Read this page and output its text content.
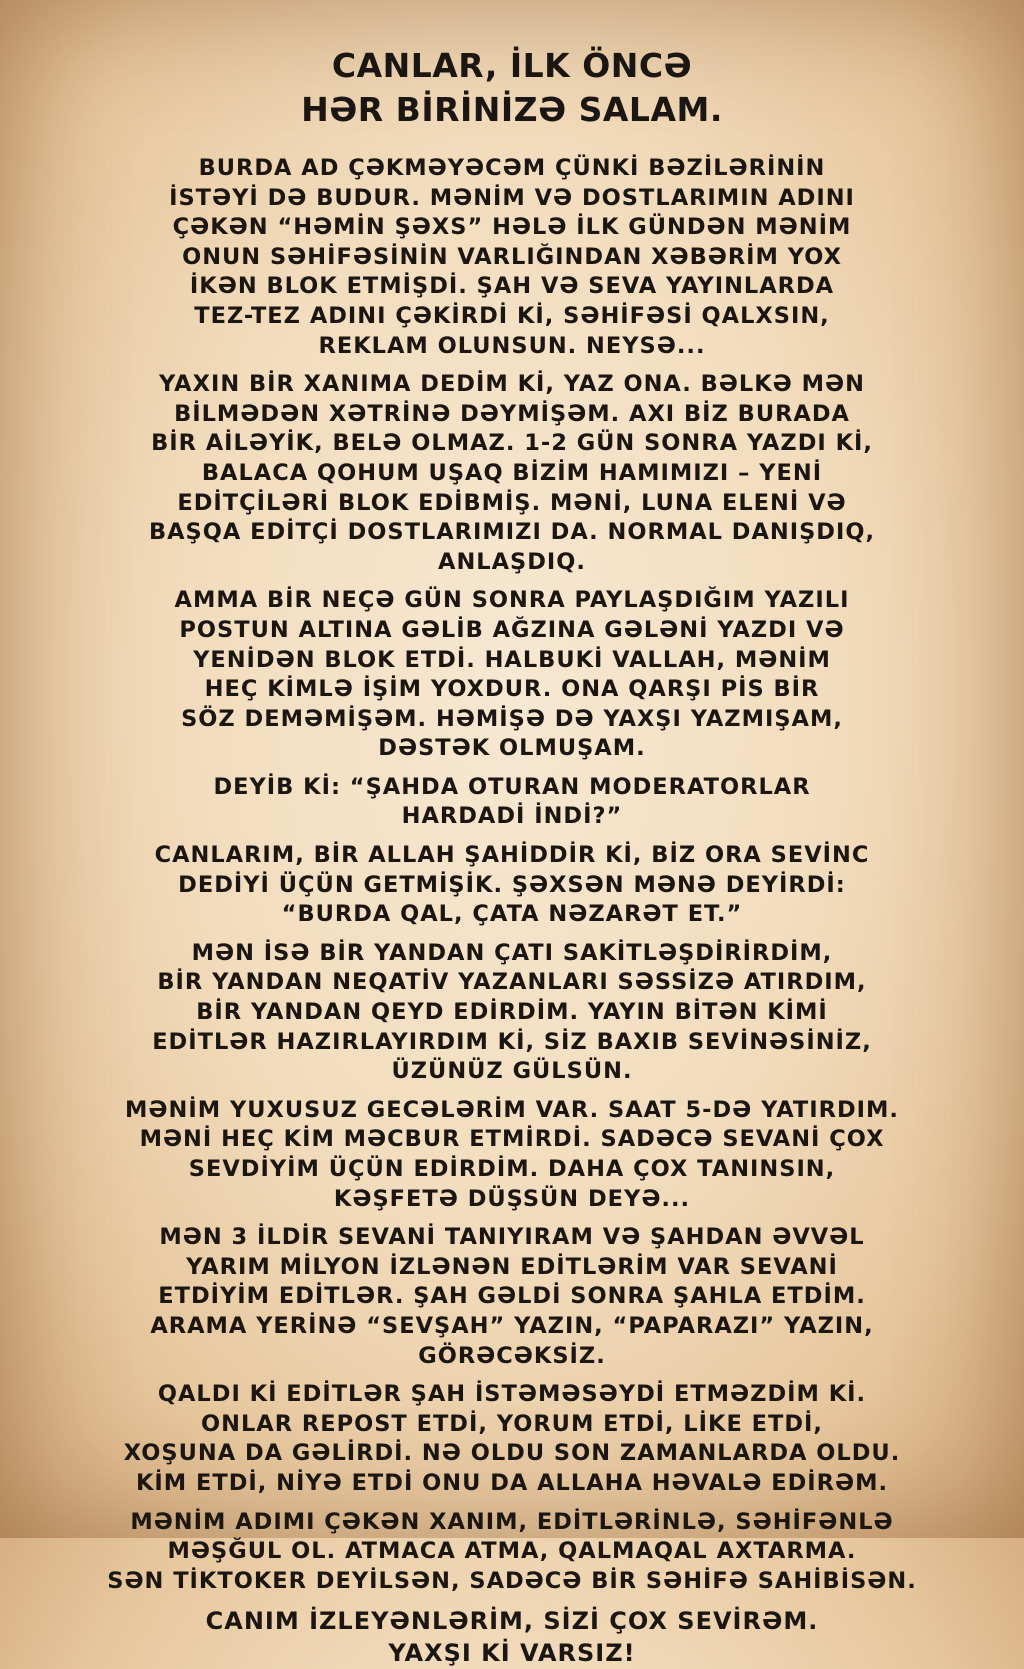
CANLAR, İLK ÖNCƏ
HƏR BİRİNİZƏ SALAM.
BURDA AD ÇƏKMƏYƏCƏM ÇÜNKİ BƏZİLƏRİNİN
İSTƏYİ DƏ BUDUR. MƏNİM VƏ DOSTLARIMIN ADINI
ÇƏKƏN “HƏMİN ŞƏXS” HƏLƏ İLK GÜNDƏN MƏNİM
ONUN SƏHİFƏSİNİN VARLIĞINDAN XƏBƏRİM YOX
İKƏN BLOK ETMİŞDİ. ŞAH VƏ SEVA YAYINLARDA
TEZ-TEZ ADINI ÇƏKİRDİ Kİ, SƏHİFƏSİ QALXSIN,
REKLAM OLUNSUN. NEYSƏ...
YAXIN BİR XANIMA DEDİM Kİ, YAZ ONA. BƏLKƏ MƏN
BİLMƏDƏN XƏTRİNƏ DƏYMİŞƏM. AXI BİZ BURADA
BİR AİLƏYİK, BELƏ OLMAZ. 1-2 GÜN SONRA YAZDI Kİ,
BALACA QOHUM UŞAQ BİZİM HAMIMIZI – YENİ
EDİTÇİLƏRİ BLOK EDİBMİŞ. MƏNİ, LUNA ELENİ VƏ
BAŞQA EDİTÇİ DOSTLARIMIZI DA. NORMAL DANIŞDIQ,
ANLAŞDIQ.
AMMA BİR NEÇƏ GÜN SONRA PAYLAŞDIĞIM YAZILI
POSTUN ALTINA GƏLİB AĞZINA GƏLƏNİ YAZDI VƏ
YENİDƏN BLOK ETDİ. HALBUKİ VALLAH, MƏNİM
HEÇ KİMLƏ İŞİM YOXDUR. ONA QARŞI PİS BİR
SÖZ DEMƏMİŞƏM. HƏMİŞƏ DƏ YAXŞI YAZMIŞAM,
DƏSTƏK OLMUŞAM.
DEYİB Kİ: “ŞAHDA OTURAN MODERATORLAR
HARDADİ İNDİ?”
CANLARIM, BİR ALLAH ŞAHİDDİR Kİ, BİZ ORA SEVİNC
DEDİYİ ÜÇÜN GETMİŞİK. ŞƏXSƏN MƏNƏ DEYİRDİ:
“BURDA QAL, ÇATA NƏZARƏT ET.”
MƏN İSƏ BİR YANDAN ÇATI SAKİTLƏŞDİRİRDİM,
BİR YANDAN NEQATİV YAZANLARI SƏSSİZƏ ATIRDIM,
BİR YANDAN QEYD EDİRDİM. YAYIN BİTƏN KİMİ
EDİTLƏR HAZIRLAYIRDIM Kİ, SİZ BAXIB SEVİNƏSİNİZ,
ÜZÜNÜZ GÜLSÜN.
MƏNİM YUXUSUZ GECƏLƏRİM VAR. SAAT 5-DƏ YATIRDIM.
MƏNİ HEÇ KİM MƏCBUR ETMİRDİ. SADƏCƏ SEVANİ ÇOX
SEVDİYİM ÜÇÜN EDİRDİM. DAHA ÇOX TANINSIN,
KƏŞFETƏ DÜŞSÜN DEYƏ...
MƏN 3 İLDİR SEVANİ TANIYIRAM VƏ ŞAHDAN ƏVVƏL
YARIM MİLYON İZLƏNƏN EDİTLƏRİM VAR SEVANİ
ETDİYİM EDİTLƏR. ŞAH GƏLDİ SONRA ŞAHLA ETDİM.
ARAMA YERİNƏ “SEVŞAH” YAZIN, “PAPARAZI” YAZIN,
GÖRƏCƏKSİZ.
QALDI Kİ EDİTLƏR ŞAH İSTƏMƏSƏYDİ ETMƏZDİM Kİ.
ONLAR REPOST ETDİ, YORUM ETDİ, LİKE ETDİ,
XOŞUNA DA GƏLİRDİ. NƏ OLDU SON ZAMANLARDA OLDU.
KİM ETDİ, NİYƏ ETDİ ONU DA ALLAHA HƏVALƏ EDİRƏM.
MƏNİM ADIMI ÇƏKƏN XANIM, EDİTLƏRİNLƏ, SƏHİFƏNLƏ
MƏŞĞUL OL. ATMACA ATMA, QALMAQAL AXTARMA.
SƏN TİKTOKER DEYİLSƏN, SADƏCƏ BİR SƏHİFƏ SAHİBİSƏN.
CANIM İZLEYƏNLƏRİM, SİZİ ÇOX SEVİRƏM.
YAXŞI Kİ VARSIZ!
